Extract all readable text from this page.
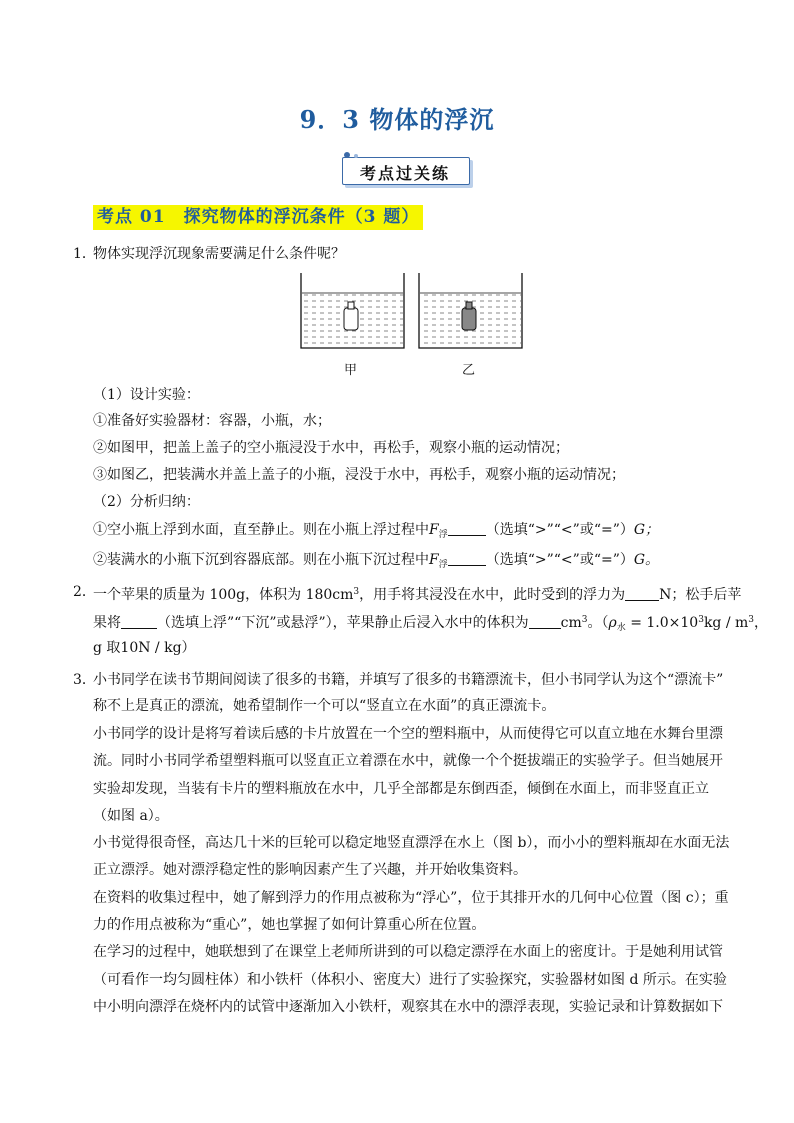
9．3 物体的浮沉
考点过关练
考点 01　探究物体的浮沉条件（3 题）
1．
物体实现浮沉现象需要满足什么条件呢？
甲	乙
（1）设计实验：
①准备好实验器材：容器，小瓶，水；
②如图甲，把盖上盖子的空小瓶浸没于水中，再松手，观察小瓶的运动情况；
③如图乙，把装满水并盖上盖子的小瓶，浸没于水中，再松手，观察小瓶的运动情况；
（2）分析归纳：
①空小瓶上浮到水面，直至静止。则在小瓶上浮过程中$F_浮$	（选填“>”“<”或“=”）G；
②装满水的小瓶下沉到容器底部。则在小瓶下沉过程中$F_浮$	（选填“>”“<”或“=”）G。
2．
一个苹果的质量为 100g，体积为 $180cm^3$，用手将其浸没在水中，此时受到的浮力为 N；松手后苹
果将	（选填上浮”“下沉”或悬浮”），苹果静止后浸入水中的体积为 $cm^3$。（$\rho_水 = 1.0\times 10^3kg / m^3$，
g 取10N / kg）
3．
小书同学在读书节期间阅读了很多的书籍，并填写了很多的书籍漂流卡，但小书同学认为这个“漂流卡”
称不上是真正的漂流，她希望制作一个可以“竖直立在水面”的真正漂流卡。
小书同学的设计是将写着读后感的卡片放置在一个空的塑料瓶中，从而使得它可以直立地在水舞台里漂
流。同时小书同学希望塑料瓶可以竖直正立着漂在水中，就像一个个挺拔端正的实验学子。但当她展开
实验却发现，当装有卡片的塑料瓶放在水中，几乎全部都是东倒西歪，倾倒在水面上，而非竖直正立
（如图 a）。
小书觉得很奇怪，高达几十米的巨轮可以稳定地竖直漂浮在水上（图 b），而小小的塑料瓶却在水面无法
正立漂浮。她对漂浮稳定性的影响因素产生了兴趣，并开始收集资料。
在资料的收集过程中，她了解到浮力的作用点被称为“浮心”，位于其排开水的几何中心位置（图 c）；重
力的作用点被称为“重心”，她也掌握了如何计算重心所在位置。
在学习的过程中，她联想到了在课堂上老师所讲到的可以稳定漂浮在水面上的密度计。于是她利用试管
（可看作一均匀圆柱体）和小铁杆（体积小、密度大）进行了实验探究，实验器材如图 d 所示。在实验
中小明向漂浮在烧杯内的试管中逐渐加入小铁杆，观察其在水中的漂浮表现，实验记录和计算数据如下
